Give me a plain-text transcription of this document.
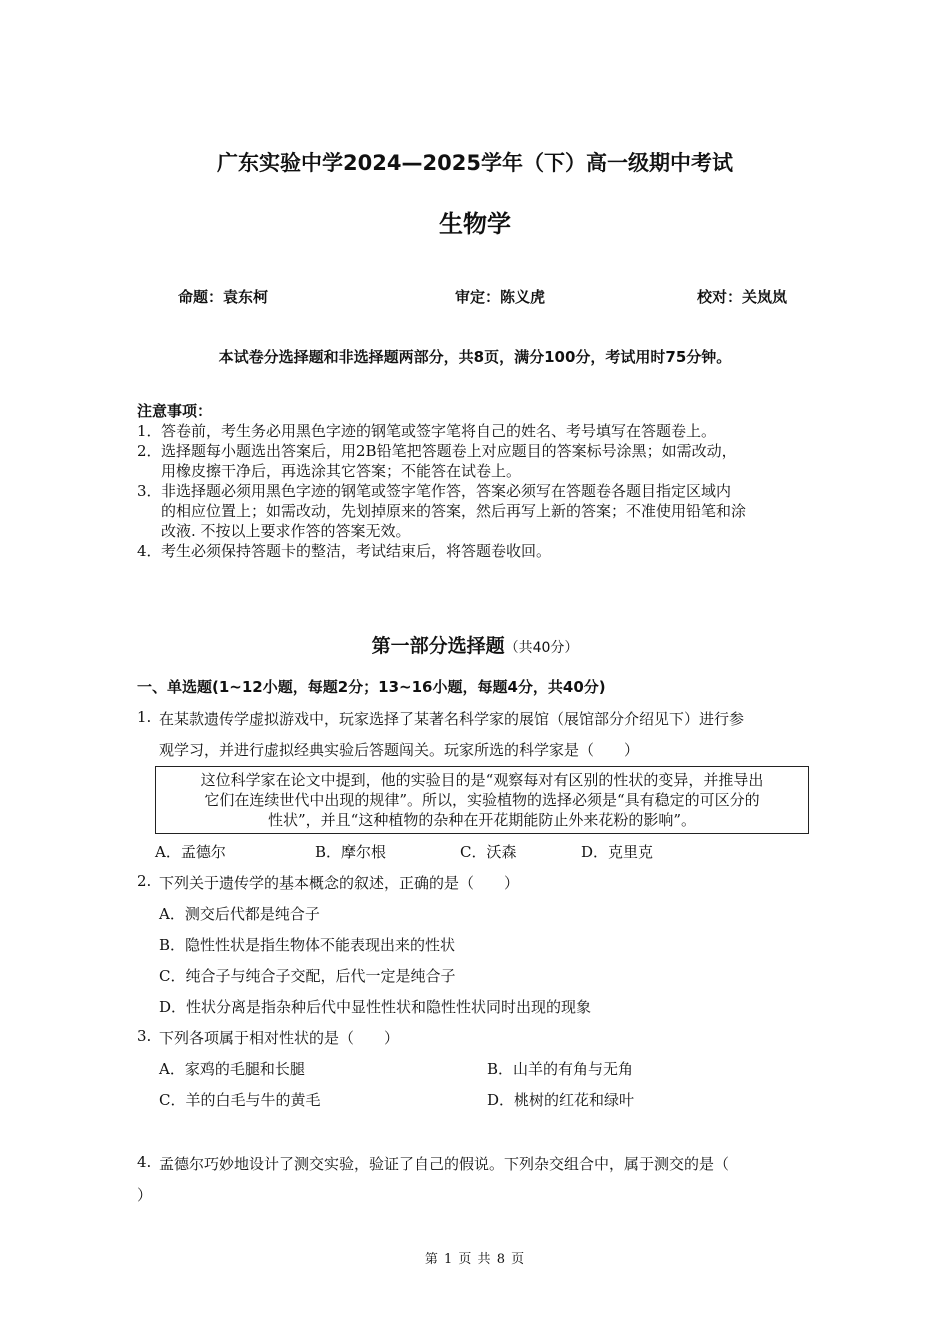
广东实验中学2024—2025学年（下）高一级期中考试
生物学
命题：袁东柯	审定：陈义虎	校对：关岚岚
本试卷分选择题和非选择题两部分，共8页，满分100分，考试用时75分钟。
注意事项：
1． 答卷前，考生务必用黑色字迹的钢笔或签字笔将自己的姓名、考号填写在答题卷上。
2． 选择题每小题选出答案后，用2B铅笔把答题卷上对应题目的答案标号涂黑；如需改动，
用橡皮擦干净后，再选涂其它答案；不能答在试卷上。
3． 非选择题必须用黑色字迹的钢笔或签字笔作答，答案必须写在答题卷各题目指定区域内
的相应位置上；如需改动，先划掉原来的答案，然后再写上新的答案；不准使用铅笔和涂
改液. 不按以上要求作答的答案无效。
4． 考生必须保持答题卡的整洁，考试结束后，将答题卷收回。
第一部分选择题（共40分）
一、单选题(1~12小题，每题2分；13~16小题，每题4分，共40分)
1. 在某款遗传学虚拟游戏中，玩家选择了某著名科学家的展馆（展馆部分介绍见下）进行参
观学习，并进行虚拟经典实验后答题闯关。玩家所选的科学家是（　　）
这位科学家在论文中提到，他的实验目的是“观察每对有区别的性状的变异，并推导出
它们在连续世代中出现的规律”。所以，实验植物的选择必须是“具有稳定的可区分的
性状”，并且“这种植物的杂种在开花期能防止外来花粉的影响”。
A．孟德尔	B．摩尔根	C．沃森	D．克里克
2. 下列关于遗传学的基本概念的叙述，正确的是（　　）
A．测交后代都是纯合子
B．隐性性状是指生物体不能表现出来的性状
C．纯合子与纯合子交配，后代一定是纯合子
D．性状分离是指杂种后代中显性性状和隐性性状同时出现的现象
3. 下列各项属于相对性状的是（　　）
A．家鸡的毛腿和长腿	B．山羊的有角与无角
C．羊的白毛与牛的黄毛	D．桃树的红花和绿叶
4. 孟德尔巧妙地设计了测交实验，验证了自己的假说。下列杂交组合中，属于测交的是（
）
第 1 页 共 8 页
